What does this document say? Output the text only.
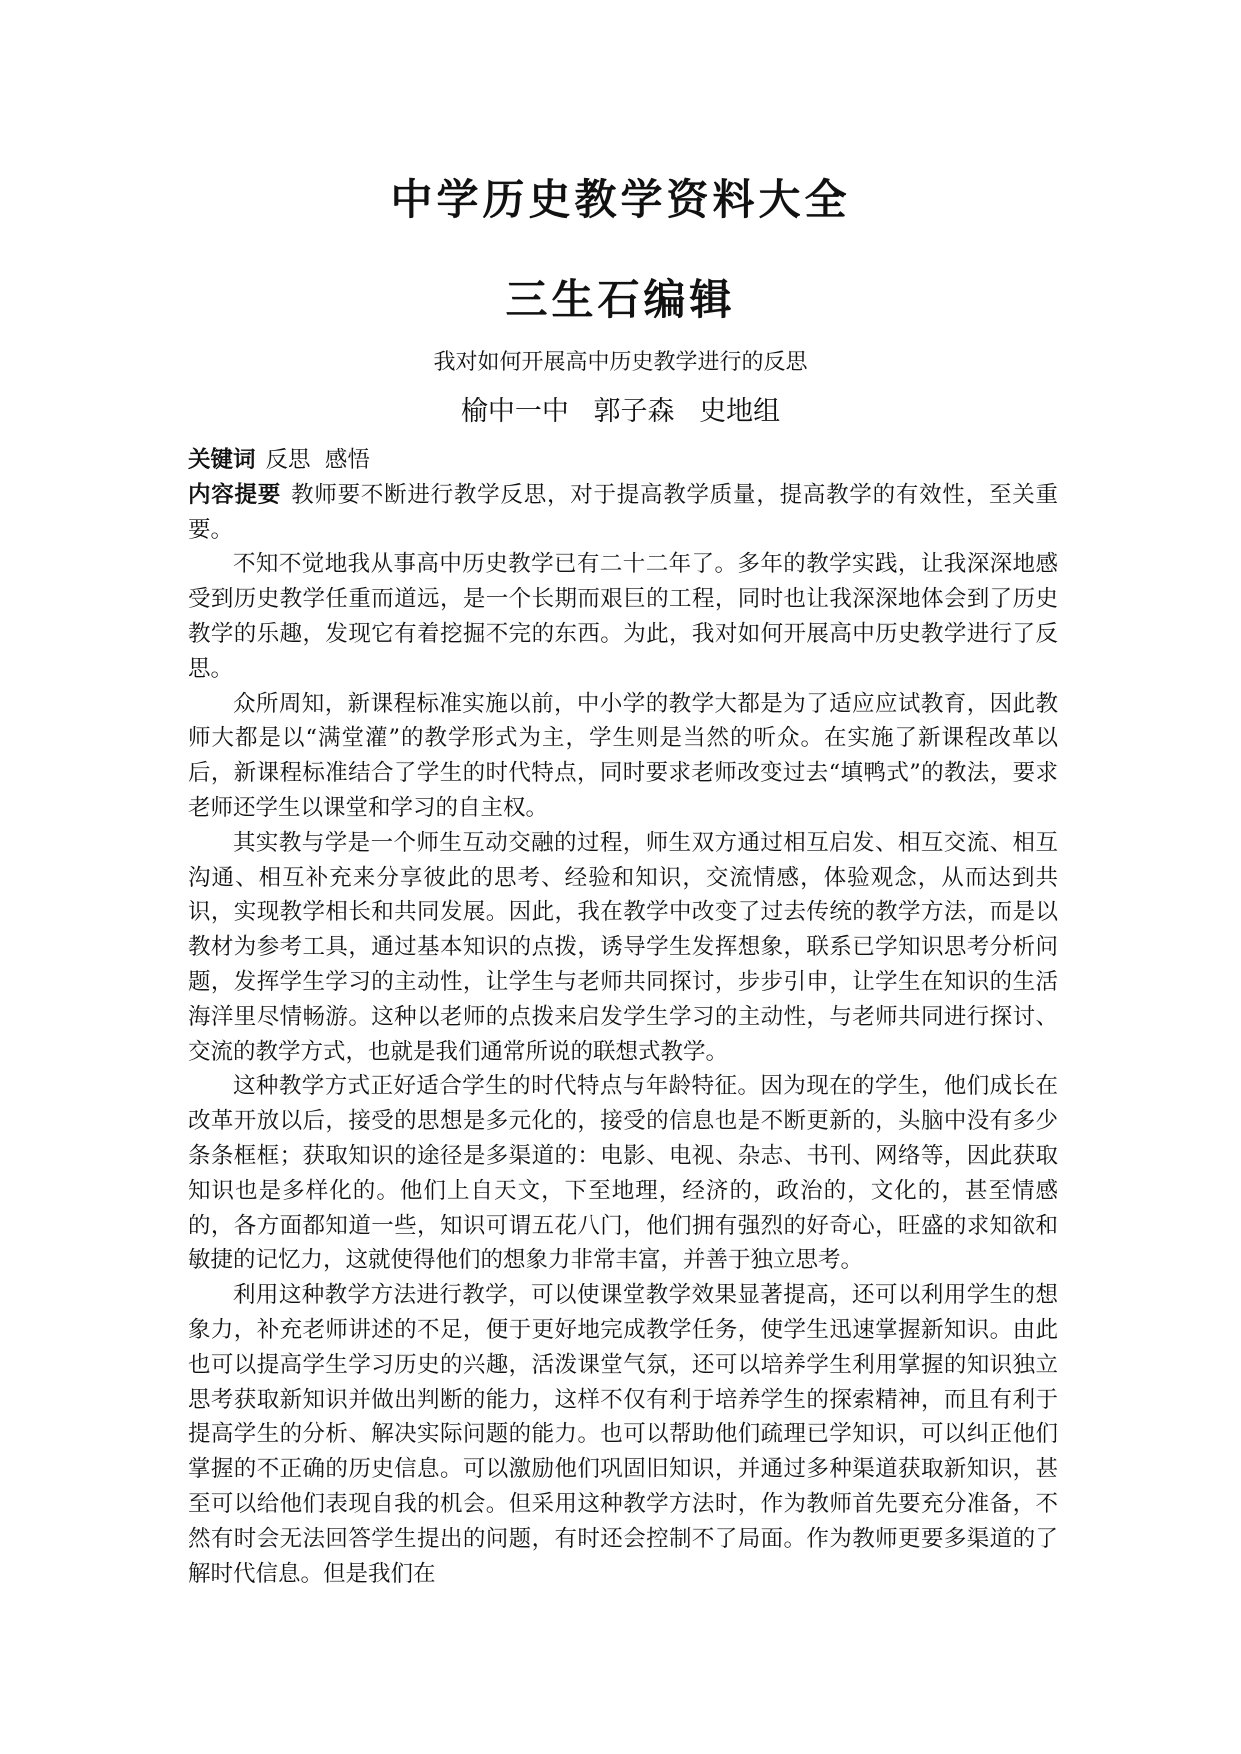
中学历史教学资料大全
三生石编辑

我对如何开展高中历史教学进行的反思

榆中一中 郭子森 史地组

关键词 反思  感悟

内容提要 教师要不断进行教学反思，对于提高教学质量，提高教学的有效性，至关重要。

不知不觉地我从事高中历史教学已有二十二年了。多年的教学实践，让我深深地感受到历史教学任重而道远，是一个长期而艰巨的工程，同时也让我深深地体会到了历史教学的乐趣，发现它有着挖掘不完的东西。为此，我对如何开展高中历史教学进行了反思。

众所周知，新课程标准实施以前，中小学的教学大都是为了适应应试教育，因此教师大都是以“满堂灌”的教学形式为主，学生则是当然的听众。在实施了新课程改革以后，新课程标准结合了学生的时代特点，同时要求老师改变过去“填鸭式”的教法，要求老师还学生以课堂和学习的自主权。

其实教与学是一个师生互动交融的过程，师生双方通过相互启发、相互交流、相互沟通、相互补充来分享彼此的思考、经验和知识，交流情感，体验观念，从而达到共识，实现教学相长和共同发展。因此，我在教学中改变了过去传统的教学方法，而是以教材为参考工具，通过基本知识的点拨，诱导学生发挥想象，联系已学知识思考分析问题，发挥学生学习的主动性，让学生与老师共同探讨，步步引申，让学生在知识的生活海洋里尽情畅游。这种以老师的点拨来启发学生学习的主动性，与老师共同进行探讨、交流的教学方式，也就是我们通常所说的联想式教学。

这种教学方式正好适合学生的时代特点与年龄特征。因为现在的学生，他们成长在改革开放以后，接受的思想是多元化的，接受的信息也是不断更新的，头脑中没有多少条条框框；获取知识的途径是多渠道的：电影、电视、杂志、书刊、网络等，因此获取知识也是多样化的。他们上自天文，下至地理，经济的，政治的，文化的，甚至情感的，各方面都知道一些，知识可谓五花八门，他们拥有强烈的好奇心，旺盛的求知欲和敏捷的记忆力，这就使得他们的想象力非常丰富，并善于独立思考。

利用这种教学方法进行教学，可以使课堂教学效果显著提高，还可以利用学生的想象力，补充老师讲述的不足，便于更好地完成教学任务，使学生迅速掌握新知识。由此也可以提高学生学习历史的兴趣，活泼课堂气氛，还可以培养学生利用掌握的知识独立思考获取新知识并做出判断的能力，这样不仅有利于培养学生的探索精神，而且有利于提高学生的分析、解决实际问题的能力。也可以帮助他们疏理已学知识，可以纠正他们掌握的不正确的历史信息。可以激励他们巩固旧知识，并通过多种渠道获取新知识，甚至可以给他们表现自我的机会。但采用这种教学方法时，作为教师首先要充分准备，不然有时会无法回答学生提出的问题，有时还会控制不了局面。作为教师更要多渠道的了解时代信息。但是我们在
